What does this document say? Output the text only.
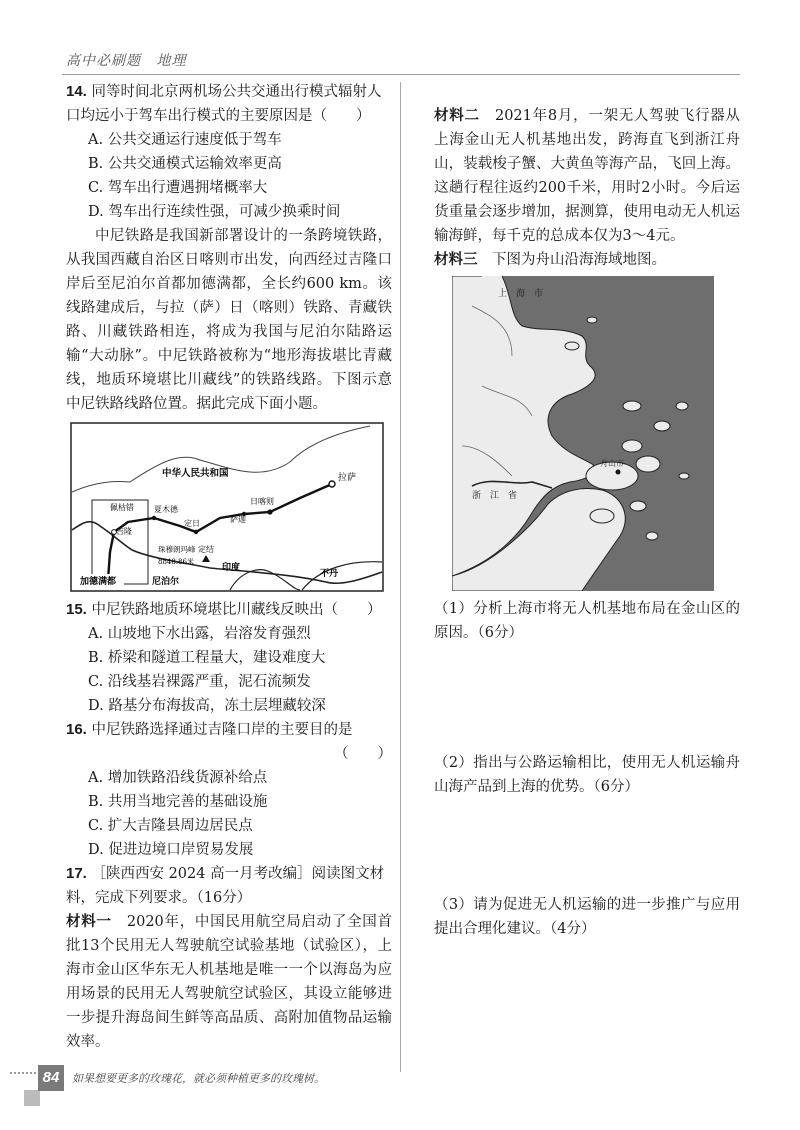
高中必刷题 地理

14. 同等时间北京两机场公共交通出行模式辐射人口均远小于驾车出行模式的主要原因是（　　）

A. 公共交通运行速度低于驾车

B. 公共交通模式运输效率更高

C. 驾车出行遭遇拥堵概率大

D. 驾车出行连续性强，可减少换乘时间

中尼铁路是我国新部署设计的一条跨境铁路，从我国西藏自治区日喀则市出发，向西经过吉隆口岸后至尼泊尔首都加德满都，全长约600 km。该线路建成后，与拉（萨）日（喀则）铁路、青藏铁路、川藏铁路相连，将成为我国与尼泊尔陆路运输“大动脉”。中尼铁路被称为“地形海拔堪比青藏线，地质环境堪比川藏线”的铁路线路。下图示意中尼铁路线路位置。据此完成下面小题。

中华人民共和国	拉萨
日喀则
萨迦
定日
夏木德
佩枯错
吉隆
珠穆朗玛峰
8848.86米
定结
加德满都	尼泊尔
印度
不丹

15. 中尼铁路地质环境堪比川藏线反映出（　　）

A. 山坡地下水出露，岩溶发育强烈

B. 桥梁和隧道工程量大，建设难度大

C. 沿线基岩裸露严重，泥石流频发

D. 路基分布海拔高，冻土层埋藏较深

16. 中尼铁路选择通过吉隆口岸的主要目的是

（　　）

A. 增加铁路沿线货源补给点

B. 共用当地完善的基础设施

C. 扩大吉隆县周边居民点

D. 促进边境口岸贸易发展

17. ［陕西西安 2024 高一月考改编］阅读图文材料，完成下列要求。（16分）

材料一　 2020年，中国民用航空局启动了全国首批13个民用无人驾驶航空试验基地（试验区），上海市金山区华东无人机基地是唯一一个以海岛为应用场景的民用无人驾驶航空试验区，其设立能够进一步提升海岛间生鲜等高品质、高附加值物品运输效率。

材料二　 2021年8月，一架无人驾驶飞行器从上海金山无人机基地出发，跨海直飞到浙江舟山，装载梭子蟹、大黄鱼等海产品，飞回上海。这趟行程往返约200千米，用时2小时。今后运货重量会逐步增加，据测算，使用电动无人机运输海鲜，每千克的总成本仅为3～4元。

材料三　 下图为舟山沿海海域地图。

上　海　市
浙　江　省
舟山市

（1）分析上海市将无人机基地布局在金山区的原因。（6分）

（2）指出与公路运输相比，使用无人机运输舟山海产品到上海的优势。（6分）

（3）请为促进无人机运输的进一步推广与应用提出合理化建议。（4分）

84	如果想要更多的玫瑰花，就必须种植更多的玫瑰树。
